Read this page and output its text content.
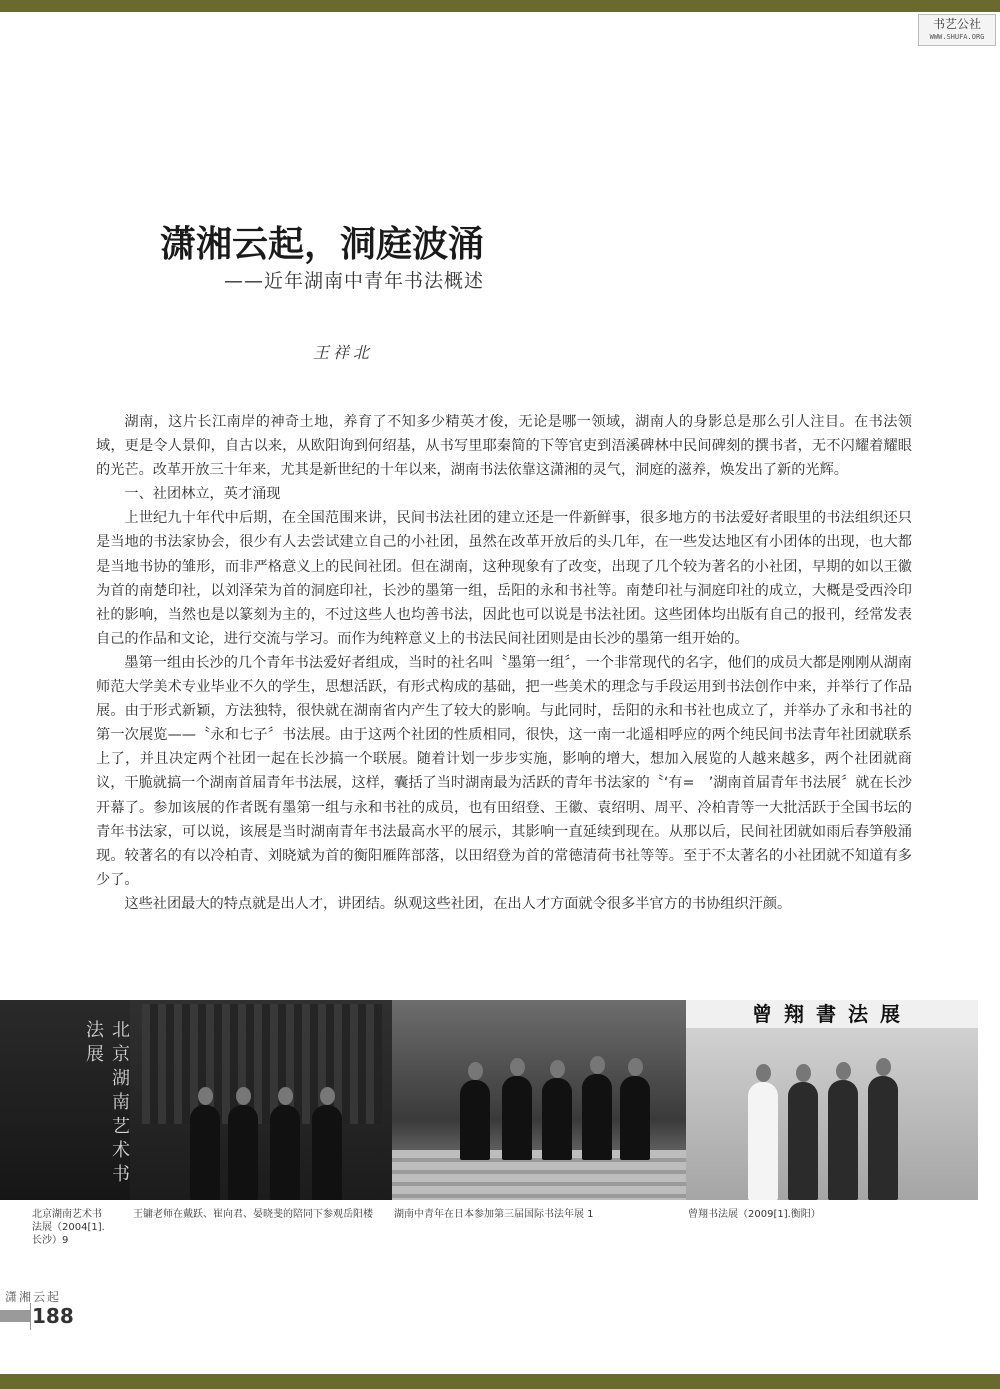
书艺公社
WWW.SHUFA.ORG
潇湘云起，洞庭波涌
——近年湖南中青年书法概述
王祥北

湖南，这片长江南岸的神奇土地，养育了不知多少精英才俊，无论是哪一领域，湖南人的身影总是那么引人注目。在书法领域，更是令人景仰，自古以来，从欧阳询到何绍基，从书写里耶秦简的下等官吏到浯溪碑林中民间碑刻的撰书者，无不闪耀着耀眼的光芒。改革开放三十年来，尤其是新世纪的十年以来，湖南书法依靠这潇湘的灵气，洞庭的滋养，焕发出了新的光辉。

一、社团林立，英才涌现

上世纪九十年代中后期，在全国范围来讲，民间书法社团的建立还是一件新鲜事，很多地方的书法爱好者眼里的书法组织还只是当地的书法家协会，很少有人去尝试建立自己的小社团，虽然在改革开放后的头几年，在一些发达地区有小团体的出现，也大都是当地书协的雏形，而非严格意义上的民间社团。但在湖南，这种现象有了改变，出现了几个较为著名的小社团，早期的如以王徽为首的南楚印社，以刘泽荣为首的洞庭印社，长沙的墨第一组，岳阳的永和书社等。南楚印社与洞庭印社的成立，大概是受西泠印社的影响，当然也是以篆刻为主的，不过这些人也均善书法，因此也可以说是书法社团。这些团体均出版有自己的报刊，经常发表自己的作品和文论，进行交流与学习。而作为纯粹意义上的书法民间社团则是由长沙的墨第一组开始的。

墨第一组由长沙的几个青年书法爱好者组成，当时的社名叫〝墨第一组〞，一个非常现代的名字，他们的成员大都是刚刚从湖南师范大学美术专业毕业不久的学生，思想活跃，有形式构成的基础，把一些美术的理念与手段运用到书法创作中来，并举行了作品展。由于形式新颖，方法独特，很快就在湖南省内产生了较大的影响。与此同时，岳阳的永和书社也成立了，并举办了永和书社的第一次展览——〝永和七子〞书法展。由于这两个社团的性质相同，很快，这一南一北遥相呼应的两个纯民间书法青年社团就联系上了，并且决定两个社团一起在长沙搞一个联展。随着计划一步步实施，影响的增大，想加入展览的人越来越多，两个社团就商议，干脆就搞一个湖南首届青年书法展，这样，囊括了当时湖南最为活跃的青年书法家的〝‘有=　’湖南首届青年书法展〞就在长沙开幕了。参加该展的作者既有墨第一组与永和书社的成员，也有田绍登、王徽、袁绍明、周平、冷柏青等一大批活跃于全国书坛的青年书法家，可以说，该展是当时湖南青年书法最高水平的展示，其影响一直延续到现在。从那以后，民间社团就如雨后春笋般涌现。较著名的有以冷柏青、刘晓斌为首的衡阳雁阵部落，以田绍登为首的常德清荷书社等等。至于不太著名的小社团就不知道有多少了。

这些社团最大的特点就是出人才，讲团结。纵观这些社团，在出人才方面就令很多半官方的书协组织汗颜。

北京湖南艺术书法展
曾翔書法展
北京湖南艺术书法展（2004[1].长沙）9
王镛老师在戴跃、崔向君、晏晓斐的陪同下参观岳阳楼 湖南中青年在日本参加第三届国际书法年展 1	曾翔书法展（2009[1].衡阳）
潇湘云起
188
